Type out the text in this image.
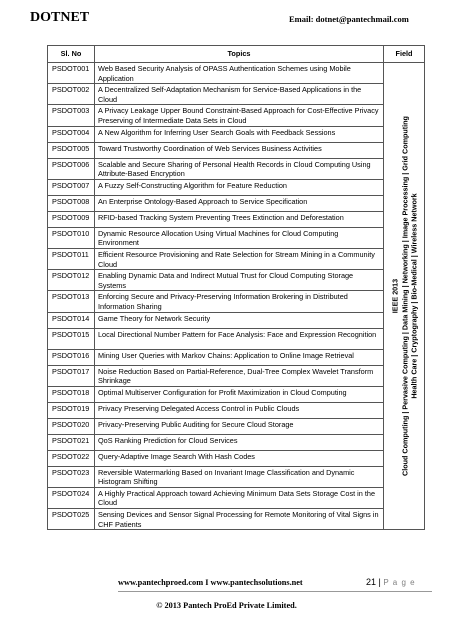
DOTNET	Email: dotnet@pantechmail.com
Sl. No	Topics	Field
PSDOT001	Web Based Security Analysis of OPASS Authentication Schemes using Mobile Application	IEEE 2013 Cloud Computing | Pervasive Computing | Data Mining | Networking | Image Processing | Grid Computing Health Care | Cryptography | Bio-Medical | Wireless Network

PSDOT002	A Decentralized Self-Adaptation Mechanism for Service-Based Applications in the Cloud	
PSDOT003	A Privacy Leakage Upper Bound Constraint-Based Approach for Cost-Effective Privacy Preserving of Intermediate Data Sets in Cloud	
PSDOT004	A New Algorithm for Inferring User Search Goals with Feedback Sessions	
PSDOT005	Toward Trustworthy Coordination of Web Services Business Activities	
PSDOT006	Scalable and Secure Sharing of Personal Health Records in Cloud Computing Using Attribute-Based Encryption	
PSDOT007	A Fuzzy Self-Constructing Algorithm for Feature Reduction	
PSDOT008	An Enterprise Ontology-Based Approach to Service Specification	
PSDOT009	RFID-based Tracking System Preventing Trees Extinction and Deforestation	
PSDOT010	Dynamic Resource Allocation Using Virtual Machines for Cloud Computing Environment	
PSDOT011	Efficient Resource Provisioning and Rate Selection for Stream Mining in a Community Cloud	
PSDOT012	Enabling Dynamic Data and Indirect Mutual Trust for Cloud Computing Storage Systems	
PSDOT013	Enforcing Secure and Privacy-Preserving Information Brokering in Distributed Information Sharing	
PSDOT014	Game Theory for Network Security	
PSDOT015	Local Directional Number Pattern for Face Analysis: Face and Expression Recognition	
PSDOT016	Mining User Queries with Markov Chains: Application to Online Image Retrieval	
PSDOT017	Noise Reduction Based on Partial-Reference, Dual-Tree Complex Wavelet Transform Shrinkage	
PSDOT018	Optimal Multiserver Configuration for Profit Maximization in Cloud Computing	
PSDOT019	Privacy Preserving Delegated Access Control in Public Clouds	
PSDOT020	Privacy-Preserving Public Auditing for Secure Cloud Storage	
PSDOT021	QoS Ranking Prediction for Cloud Services	
PSDOT022	Query-Adaptive Image Search With Hash Codes	
PSDOT023	Reversible Watermarking Based on Invariant Image Classification and Dynamic Histogram Shifting	
PSDOT024	A Highly Practical Approach toward Achieving Minimum Data Sets Storage Cost in the Cloud	
PSDOT025	Sensing Devices and Sensor Signal Processing for Remote Monitoring of Vital Signs in CHF Patients	
www.pantechproed.com I www.pantechsolutions.net	21 | P a g e
© 2013 Pantech ProEd Private Limited.
